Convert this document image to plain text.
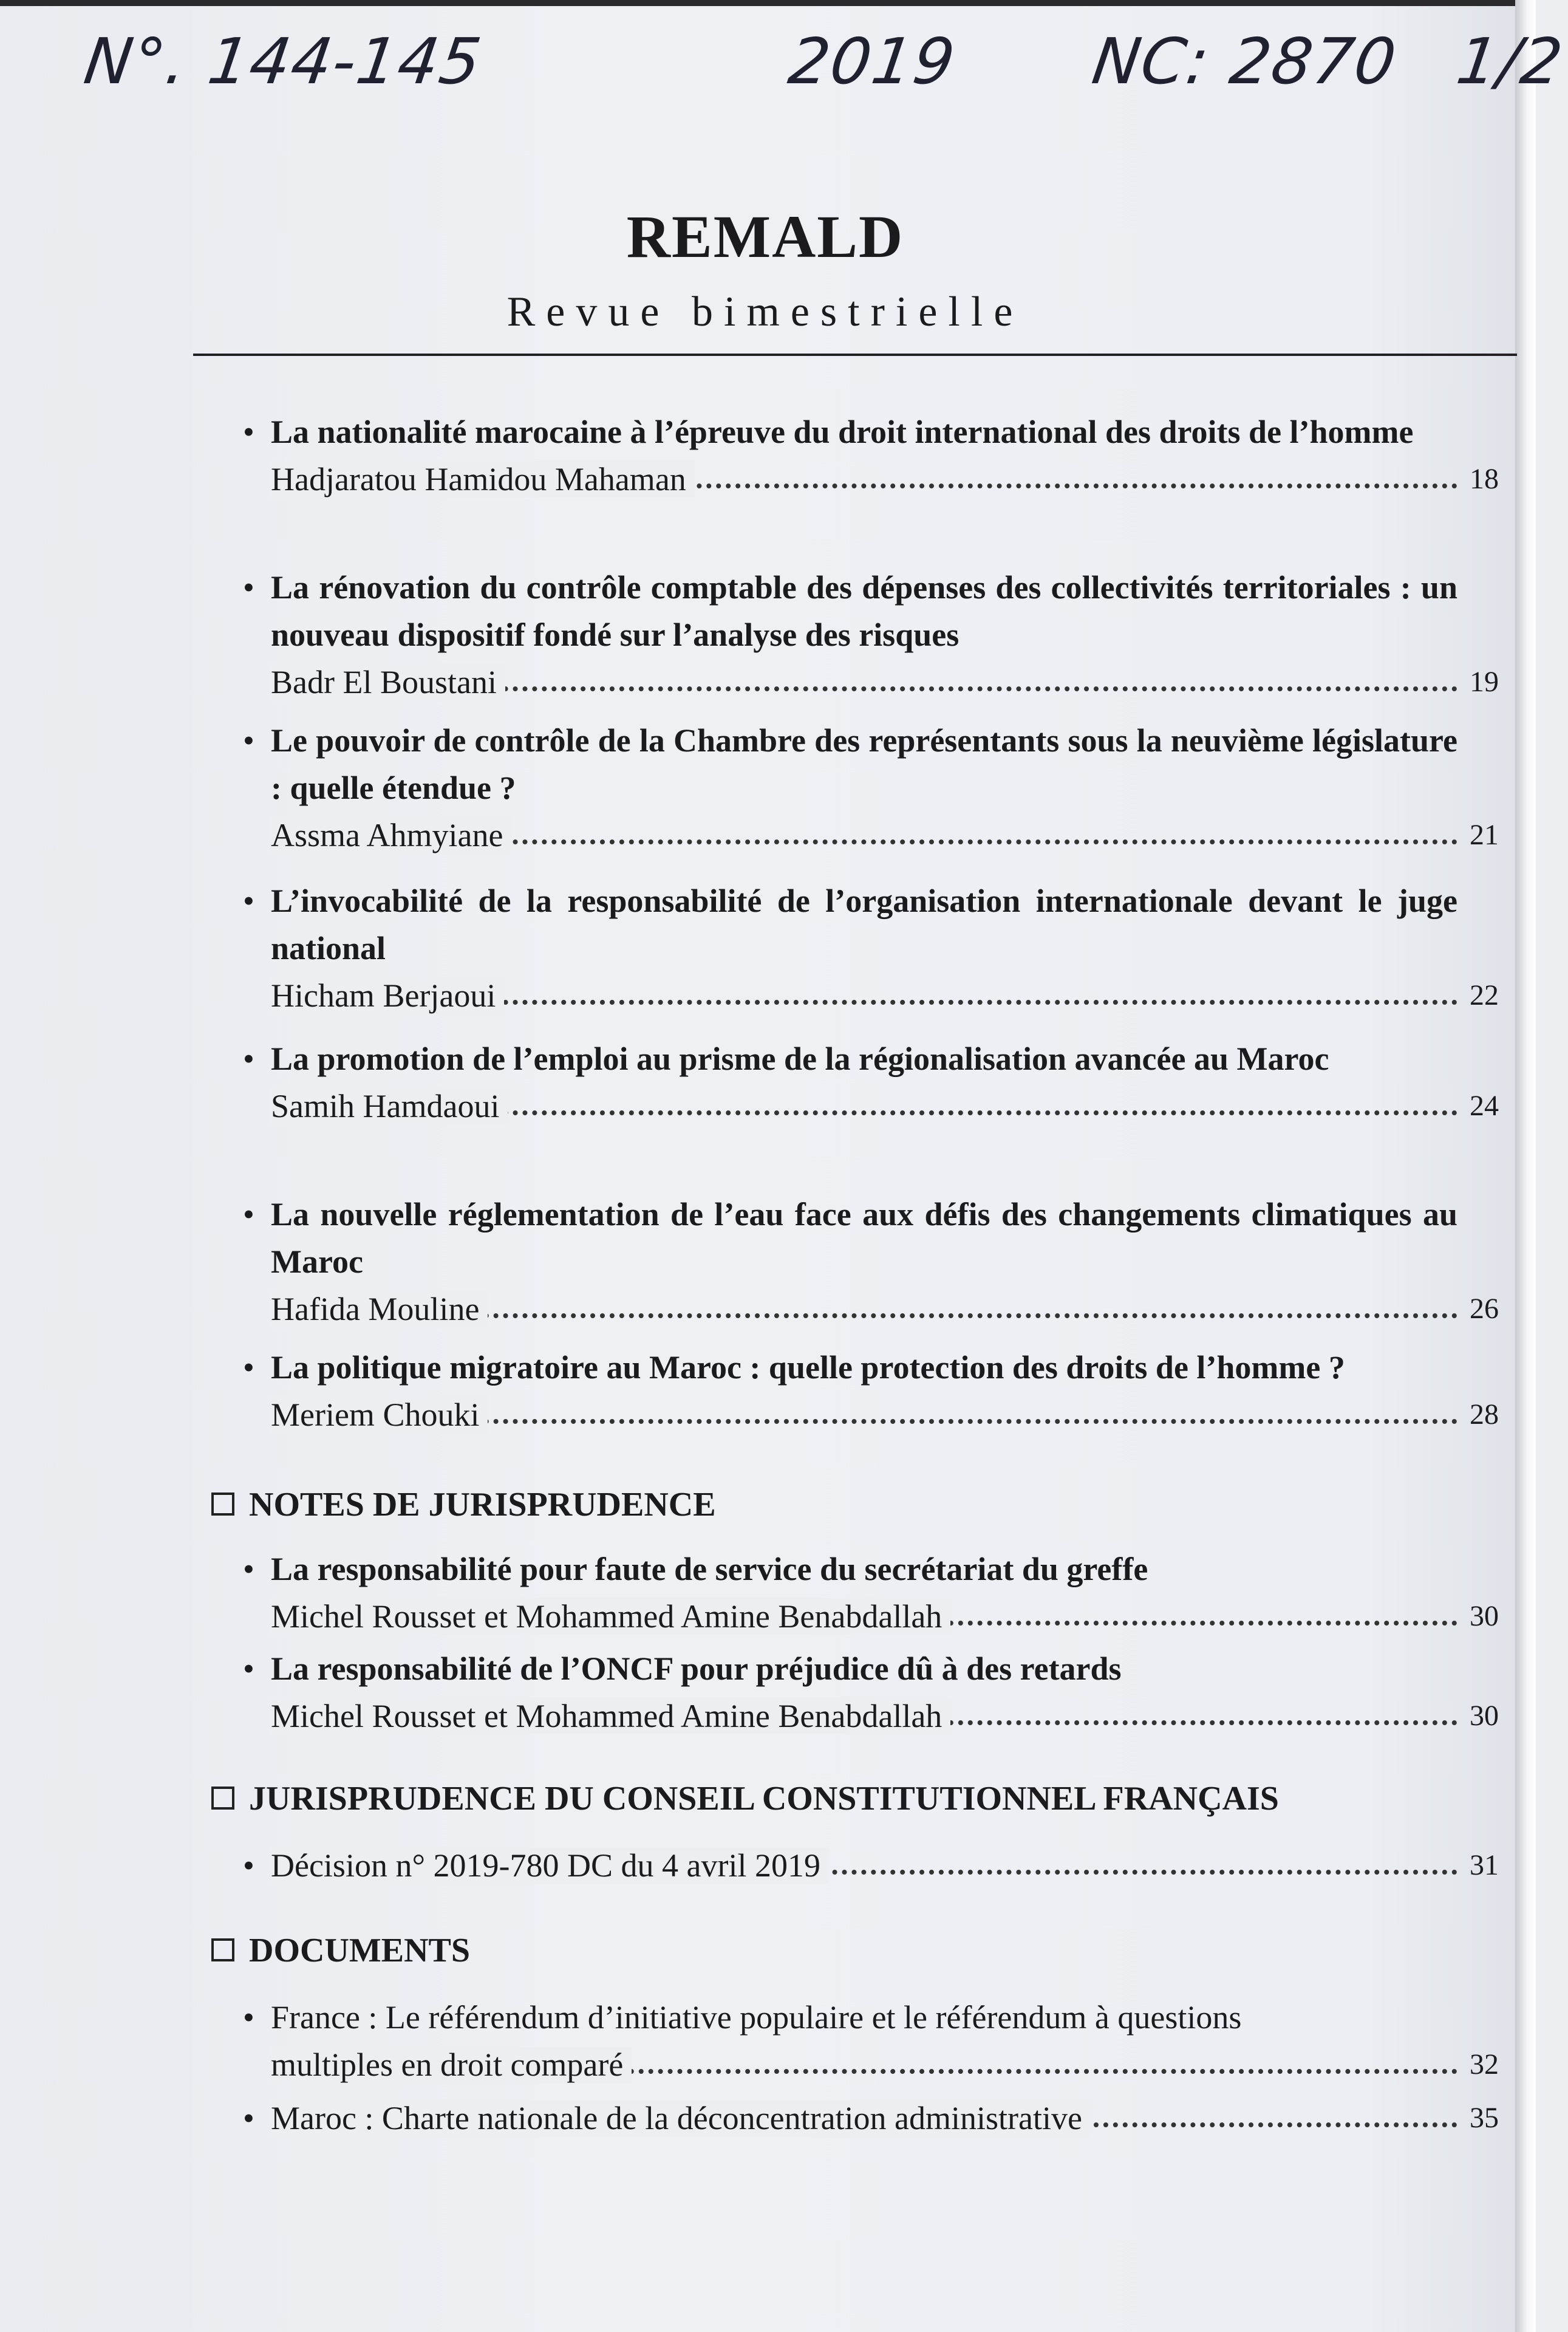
N°. 144-145	2019 NC: 2870 1/2
REMALD
Revue bimestrielle
• La nationalité marocaine à l’épreuve du droit international des droits de l’homme
Hadjaratou Hamidou Mahaman	18
• La rénovation du contrôle comptable des dépenses des collectivités territoriales : un nouveau dispositif fondé sur l’analyse des risques
Badr El Boustani	19
• Le pouvoir de contrôle de la Chambre des représentants sous la neuvième législature : quelle étendue ?
Assma Ahmyiane	21
• L’invocabilité de la responsabilité de l’organisation internationale devant le juge national
Hicham Berjaoui	22
• La promotion de l’emploi au prisme de la régionalisation avancée au Maroc
Samih Hamdaoui	24
• La nouvelle réglementation de l’eau face aux défis des changements climatiques au Maroc
Hafida Mouline	26
• La politique migratoire au Maroc : quelle protection des droits de l’homme ?
Meriem Chouki	28
NOTES DE JURISPRUDENCE
• La responsabilité pour faute de service du secrétariat du greffe
Michel Rousset et Mohammed Amine Benabdallah	30
• La responsabilité de l’ONCF pour préjudice dû à des retards
Michel Rousset et Mohammed Amine Benabdallah	30
JURISPRUDENCE DU CONSEIL CONSTITUTIONNEL FRANÇAIS
• Décision n° 2019-780 DC du 4 avril 2019	31
DOCUMENTS
• France : Le référendum d’initiative populaire et le référendum à questions
multiples en droit comparé	32
• Maroc : Charte nationale de la déconcentration administrative	35
